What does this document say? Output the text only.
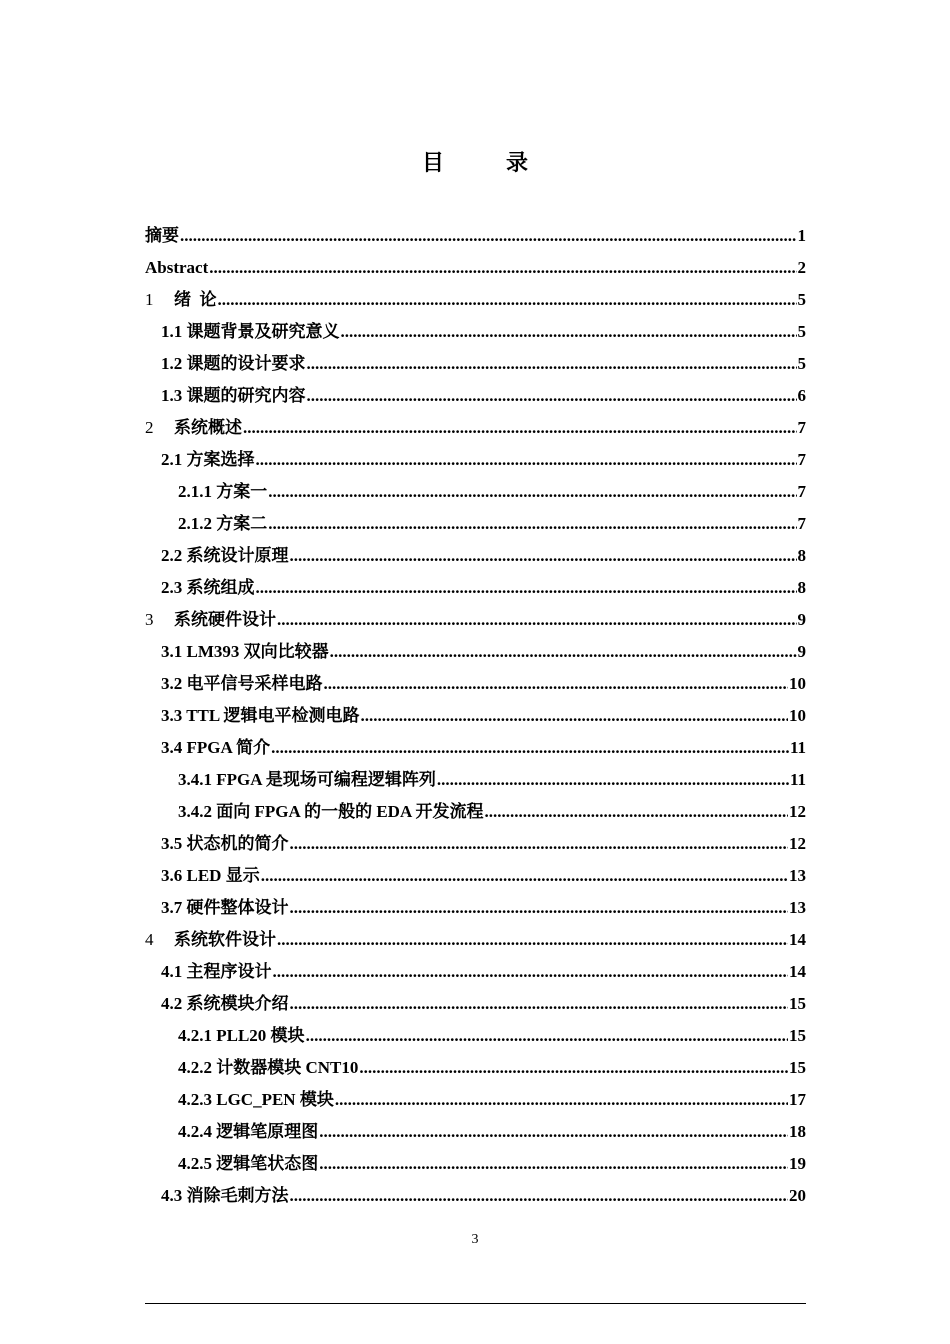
目　录
摘要 .....	1
Abstract .....	2
1 绪  论 .....	5
1.1 课题背景及研究意义 .....	5
1.2 课题的设计要求 .....	5
1.3 课题的研究内容 .....	6
2 系统概述 .....	7
2.1 方案选择 .....	7
2.1.1 方案一 .....	7
2.1.2 方案二 .....	7
2.2 系统设计原理 .....	8
2.3 系统组成 .....	8
3 系统硬件设计 .....	9
3.1 LM393 双向比较器 .....	9
3.2 电平信号采样电路 .....	10
3.3 TTL 逻辑电平检测电路 .....	10
3.4 FPGA 简介 .....	11
3.4.1 FPGA 是现场可编程逻辑阵列 .....	11
3.4.2 面向 FPGA 的一般的 EDA 开发流程 .....	12
3.5 状态机的简介 .....	12
3.6 LED 显示 .....	13
3.7 硬件整体设计 .....	13
4 系统软件设计 .....	14
4.1 主程序设计 .....	14
4.2 系统模块介绍 .....	15
4.2.1 PLL20 模块 .....	15
4.2.2 计数器模块 CNT10 .....	15
4.2.3 LGC_PEN 模块 .....	17
4.2.4 逻辑笔原理图 .....	18
4.2.5 逻辑笔状态图 .....	19
4.3 消除毛刺方法 .....	20
3
